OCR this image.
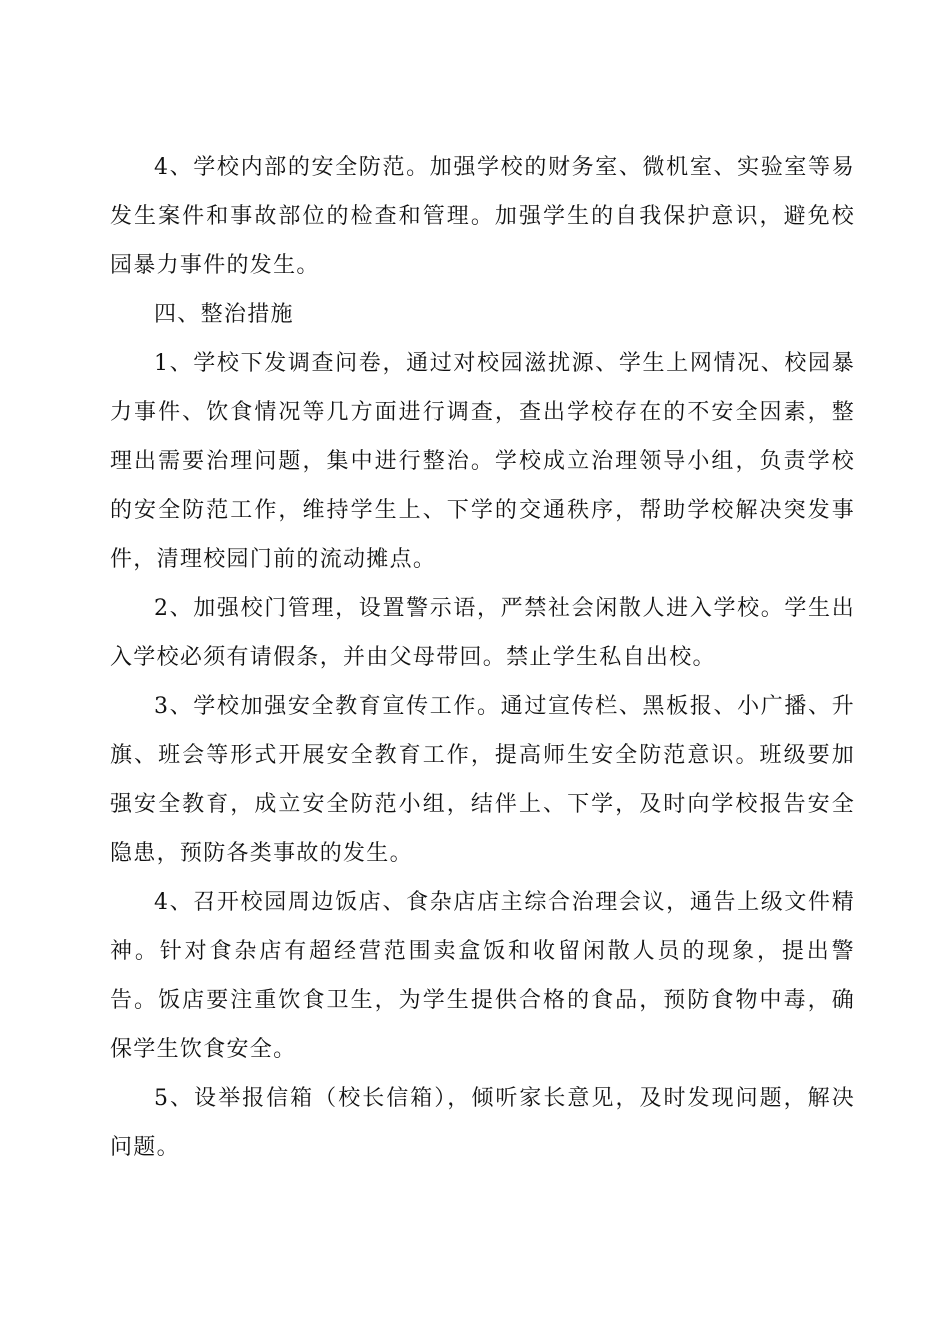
4、学校内部的安全防范。加强学校的财务室、微机室、实验室等易发生案件和事故部位的检查和管理。加强学生的自我保护意识，避免校园暴力事件的发生。

四、整治措施

1、学校下发调查问卷，通过对校园滋扰源、学生上网情况、校园暴力事件、饮食情况等几方面进行调查，查出学校存在的不安全因素，整理出需要治理问题，集中进行整治。学校成立治理领导小组，负责学校的安全防范工作，维持学生上、下学的交通秩序，帮助学校解决突发事件，清理校园门前的流动摊点。

2、加强校门管理，设置警示语，严禁社会闲散人进入学校。学生出入学校必须有请假条，并由父母带回。禁止学生私自出校。

3、学校加强安全教育宣传工作。通过宣传栏、黑板报、小广播、升旗、班会等形式开展安全教育工作，提高师生安全防范意识。班级要加强安全教育，成立安全防范小组，结伴上、下学，及时向学校报告安全隐患，预防各类事故的发生。

4、召开校园周边饭店、食杂店店主综合治理会议，通告上级文件精神。针对食杂店有超经营范围卖盒饭和收留闲散人员的现象，提出警告。饭店要注重饮食卫生，为学生提供合格的食品，预防食物中毒，确保学生饮食安全。

5、设举报信箱（校长信箱），倾听家长意见，及时发现问题，解决问题。
